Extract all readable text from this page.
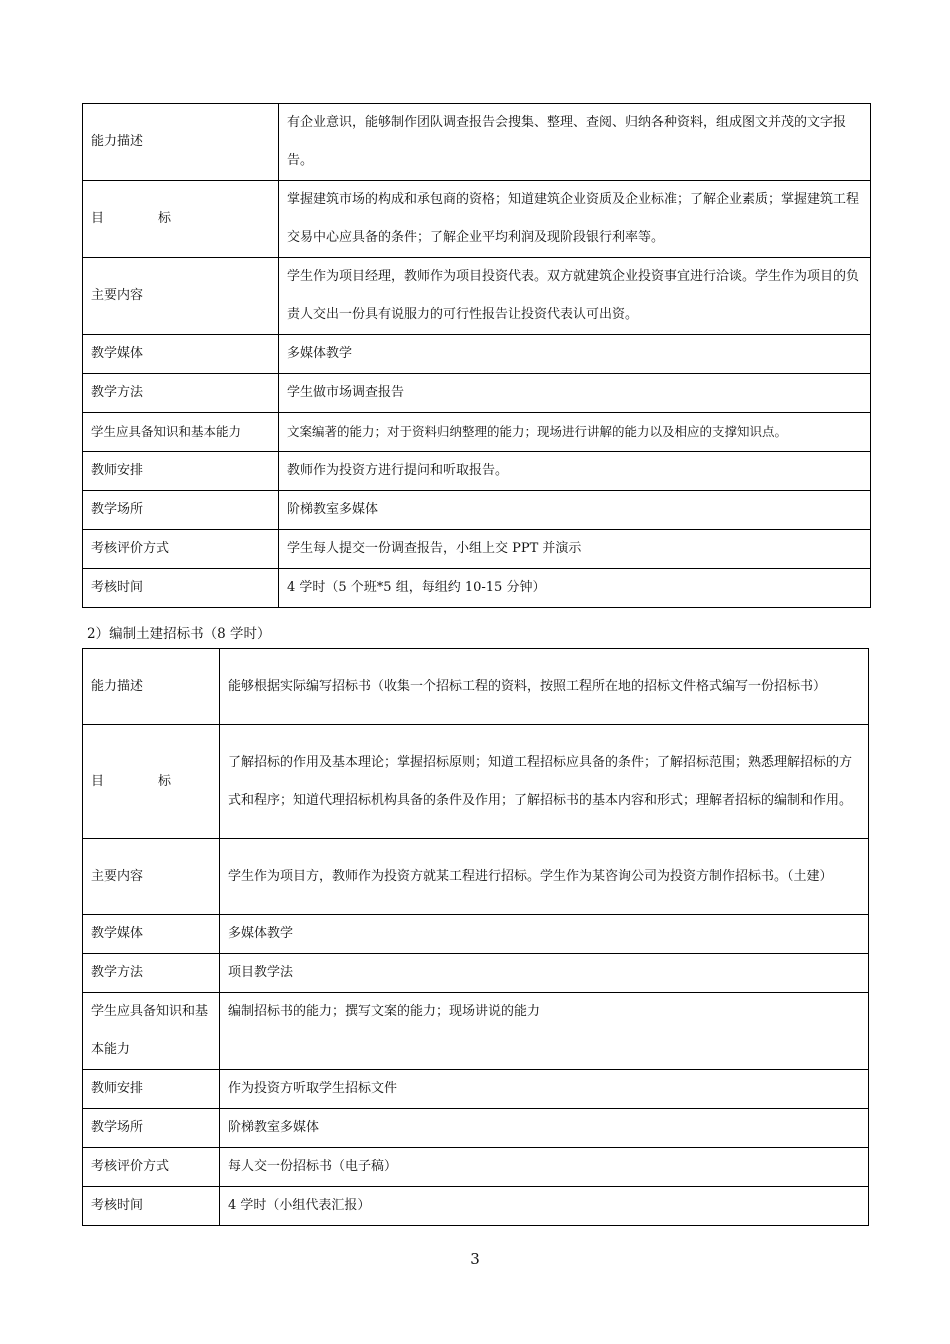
能力描述	有企业意识，能够制作团队调查报告会搜集、整理、查阅、归纳各种资料，组成图文并茂的文字报告。
目 标	掌握建筑市场的构成和承包商的资格；知道建筑企业资质及企业标准；了解企业素质；掌握建筑工程交易中心应具备的条件；了解企业平均利润及现阶段银行利率等。
主要内容	学生作为项目经理，教师作为项目投资代表。双方就建筑企业投资事宜进行洽谈。学生作为项目的负责人交出一份具有说服力的可行性报告让投资代表认可出资。
教学媒体	多媒体教学
教学方法	学生做市场调查报告
学生应具备知识和基本能力	文案编著的能力；对于资料归纳整理的能力；现场进行讲解的能力以及相应的支撑知识点。
教师安排	教师作为投资方进行提问和听取报告。
教学场所	阶梯教室多媒体
考核评价方式	学生每人提交一份调查报告，小组上交 PPT 并演示
考核时间	4 学时（5 个班*5 组，每组约 10-15 分钟）
2）编制土建招标书（8 学时）
能力描述	能够根据实际编写招标书（收集一个招标工程的资料，按照工程所在地的招标文件格式编写一份招标书）
目 标	了解招标的作用及基本理论；掌握招标原则；知道工程招标应具备的条件；了解招标范围；熟悉理解招标的方式和程序；知道代理招标机构具备的条件及作用；了解招标书的基本内容和形式；理解者招标的编制和作用。
主要内容	学生作为项目方，教师作为投资方就某工程进行招标。学生作为某咨询公司为投资方制作招标书。（土建）
教学媒体	多媒体教学
教学方法	项目教学法
学生应具备知识和基本能力	编制招标书的能力；撰写文案的能力；现场讲说的能力
教师安排	作为投资方听取学生招标文件
教学场所	阶梯教室多媒体
考核评价方式	每人交一份招标书（电子稿）
考核时间	4 学时（小组代表汇报）
3
